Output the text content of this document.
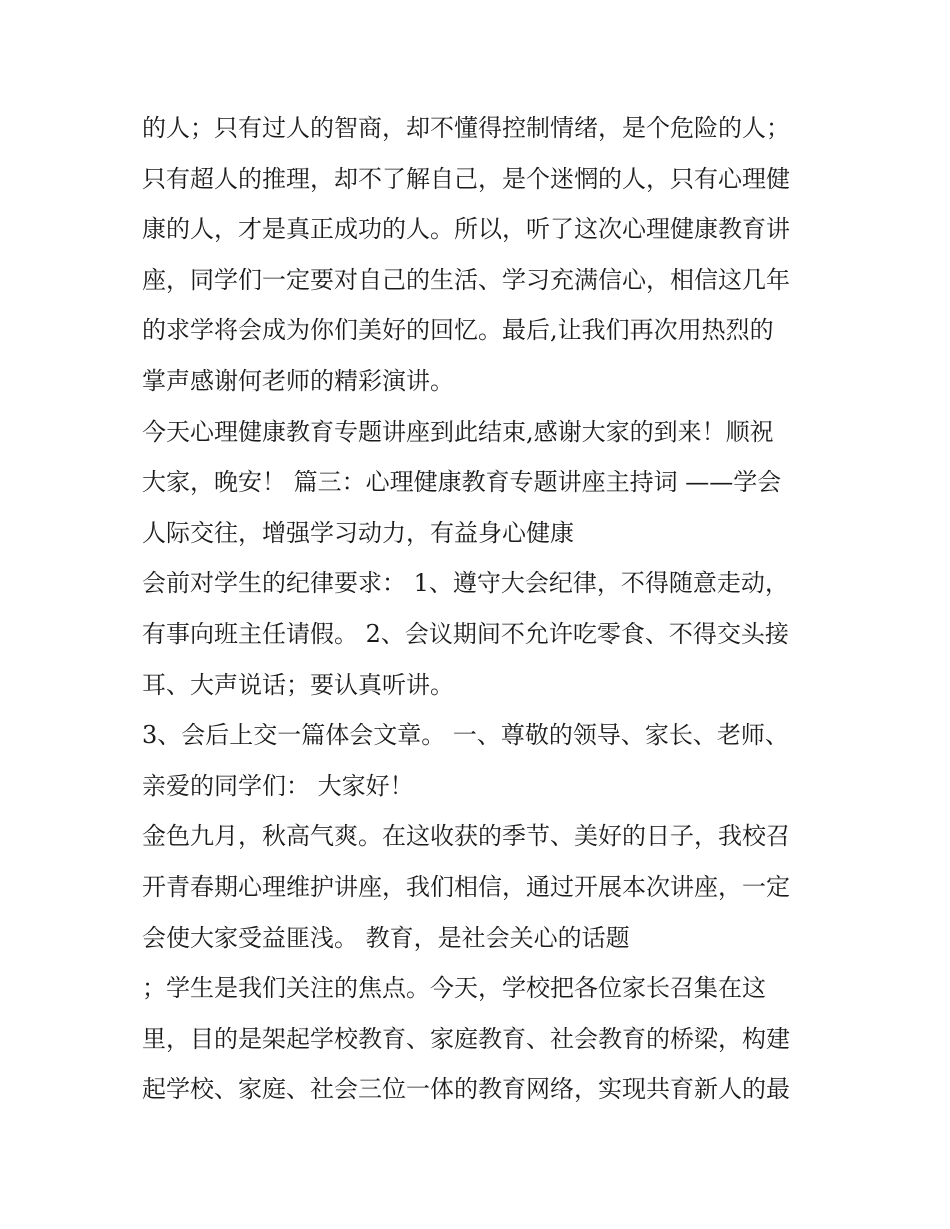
的人；只有过人的智商，却不懂得控制情绪，是个危险的人；
只有超人的推理，却不了解自己，是个迷惘的人，只有心理健
康的人，才是真正成功的人。所以，听了这次心理健康教育讲
座，同学们一定要对自己的生活、学习充满信心，相信这几年
的求学将会成为你们美好的回忆。最后,让我们再次用热烈的
掌声感谢何老师的精彩演讲。
今天心理健康教育专题讲座到此结束,感谢大家的到来！顺祝
大家，晚安！ 篇三：心理健康教育专题讲座主持词 ——学会
人际交往，增强学习动力，有益身心健康
会前对学生的纪律要求： 1、遵守大会纪律，不得随意走动，
有事向班主任请假。 2、会议期间不允许吃零食、不得交头接
耳、大声说话；要认真听讲。
3、会后上交一篇体会文章。 一、尊敬的领导、家长、老师、
亲爱的同学们： 大家好！
金色九月，秋高气爽。在这收获的季节、美好的日子，我校召
开青春期心理维护讲座，我们相信，通过开展本次讲座，一定
会使大家受益匪浅。 教育，是社会关心的话题
；学生是我们关注的焦点。今天，学校把各位家长召集在这
里，目的是架起学校教育、家庭教育、社会教育的桥梁，构建
起学校、家庭、社会三位一体的教育网络，实现共育新人的最
